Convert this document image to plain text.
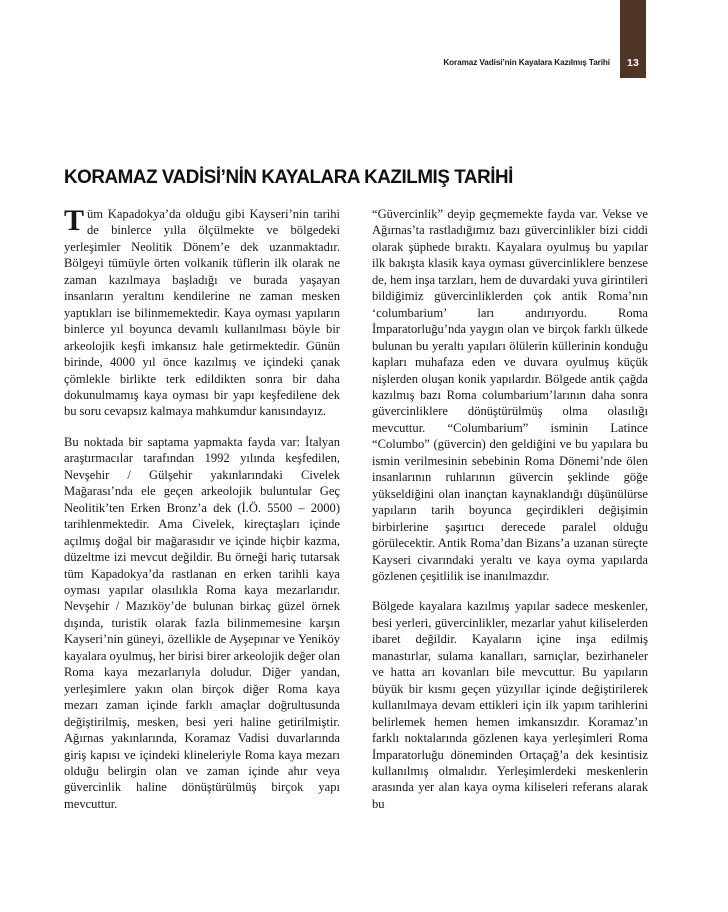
13
Koramaz Vadisi’nin Kayalara Kazılmış Tarihi
KORAMAZ VADİSİ’NİN KAYALARA KAZILMIŞ TARİHİ

Tüm Kapadokya’da olduğu gibi Kayseri’nin tarihi de binlerce yılla ölçülmekte ve bölgedeki yerleşimler Neolitik Dönem’e dek uzanmaktadır. Bölgeyi tümüyle örten volkanik tüflerin ilk olarak ne zaman kazılmaya başladığı ve burada yaşayan insanların yeraltını kendilerine ne zaman mesken yaptıkları ise bilinmemektedir. Kaya oyması yapıların binlerce yıl boyunca devamlı kullanılması böyle bir arkeolojik keşfi imkansız hale getirmektedir. Günün birinde, 4000 yıl önce kazılmış ve içindeki çanak çömlekle birlikte terk edildikten sonra bir daha dokunulmamış kaya oyması bir yapı keşfedilene dek bu soru cevapsız kalmaya mahkumdur kanısındayız.

Bu noktada bir saptama yapmakta fayda var: İtalyan araştırmacılar tarafından 1992 yılında keşfedilen, Nevşehir / Gülşehir yakınlarındaki Civelek Mağarası’nda ele geçen arkeolojik buluntular Geç Neolitik’ten Erken Bronz’a dek (İ.Ö. 5500 – 2000) tarihlenmektedir. Ama Civelek, kireçtaşları içinde açılmış doğal bir mağarasıdır ve içinde hiçbir kazma, düzeltme izi mevcut değildir. Bu örneği hariç tutarsak tüm Kapadokya’da rastlanan en erken tarihli kaya oyması yapılar olasılıkla Roma kaya mezarlarıdır. Nevşehir / Mazıköy’de bulunan birkaç güzel örnek dışında, turistik olarak fazla bilinmemesine karşın Kayseri’nin güneyi, özellikle de Ayşepınar ve Yeniköy kayalara oyulmuş, her birisi birer arkeolojik değer olan Roma kaya mezarlarıyla doludur. Diğer yandan, yerleşimlere yakın olan birçok diğer Roma kaya mezarı zaman içinde farklı amaçlar doğrultusunda değiştirilmiş, mesken, besi yeri haline getirilmiştir. Ağırnas yakınlarında, Koramaz Vadisi duvarlarında giriş kapısı ve içindeki klineleriyle Roma kaya mezarı olduğu belirgin olan ve zaman içinde ahır veya güvercinlik haline dönüştürülmüş birçok yapı mevcuttur.

“Güvercinlik” deyip geçmemekte fayda var. Vekse ve Ağırnas’ta rastladığımız bazı güvercinlikler bizi ciddi olarak şüphede bıraktı. Kayalara oyulmuş bu yapılar ilk bakışta klasik kaya oyması güvercinliklere benzese de, hem inşa tarzları, hem de duvardaki yuva girintileri bildiğimiz güvercinliklerden çok antik Roma’nın ‘columbarium’ ları andırıyordu. Roma İmparatorluğu’nda yaygın olan ve birçok farklı ülkede bulunan bu yeraltı yapıları ölülerin küllerinin konduğu kapları muhafaza eden ve duvara oyulmuş küçük nişlerden oluşan konik yapılardır. Bölgede antik çağda kazılmış bazı Roma columbarium’larının daha sonra güvercinliklere dönüştürülmüş olma olasılığı mevcuttur. “Columbarium” isminin Latince “Columbo” (güvercin) den geldiğini ve bu yapılara bu ismin verilmesinin sebebinin Roma Dönemi’nde ölen insanlarının ruhlarının güvercin şeklinde göğe yükseldiğini olan inançtan kaynaklandığı düşünülürse yapıların tarih boyunca geçirdikleri değişimin birbirlerine şaşırtıcı derecede paralel olduğu görülecektir. Antik Roma’dan Bizans’a uzanan süreçte Kayseri civarındaki yeraltı ve kaya oyma yapılarda gözlenen çeşitlilik ise inanılmazdır.

Bölgede kayalara kazılmış yapılar sadece meskenler, besi yerleri, güvercinlikler, mezarlar yahut kiliselerden ibaret değildir. Kayaların içine inşa edilmiş manastırlar, sulama kanalları, sarnıçlar, bezirhaneler ve hatta arı kovanları bile mevcuttur. Bu yapıların büyük bir kısmı geçen yüzyıllar içinde değiştirilerek kullanılmaya devam ettikleri için ilk yapım tarihlerini belirlemek hemen hemen imkansızdır. Koramaz’ın farklı noktalarında gözlenen kaya yerleşimleri Roma İmparatorluğu döneminden Ortaçağ’a dek kesintisiz kullanılmış olmalıdır. Yerleşimlerdeki meskenlerin arasında yer alan kaya oyma kiliseleri referans alarak bu
